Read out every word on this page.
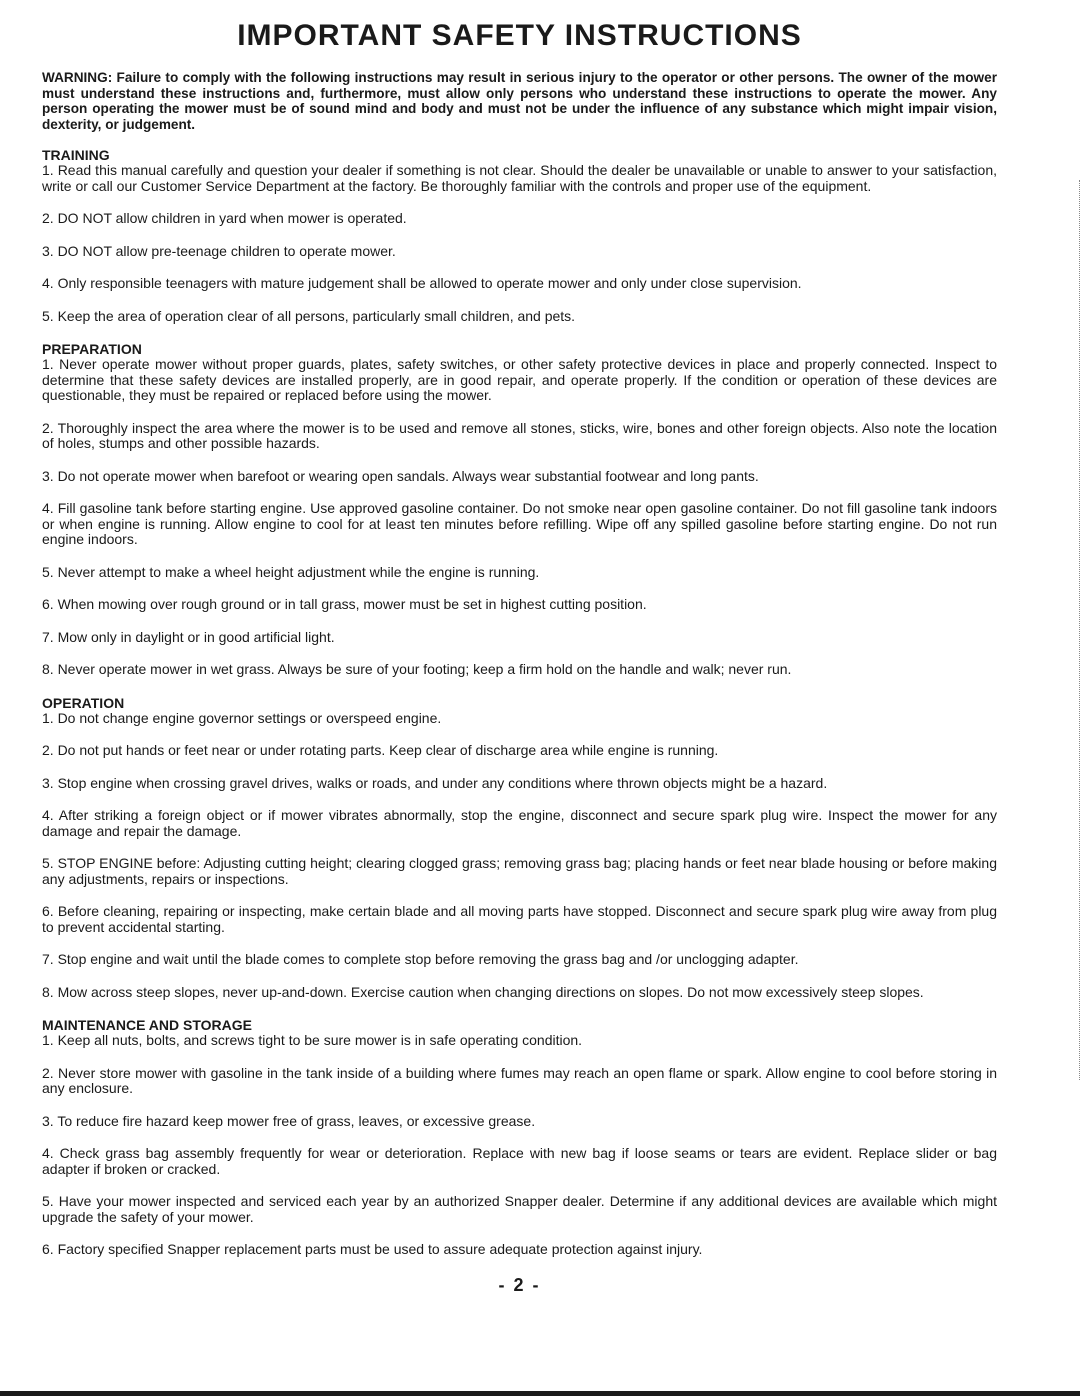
IMPORTANT SAFETY INSTRUCTIONS

WARNING: Failure to comply with the following instructions may result in serious injury to the operator or other persons. The owner of the mower must understand these instructions and, furthermore, must allow only persons who understand these instructions to operate the mower. Any person operating the mower must be of sound mind and body and must not be under the influence of any substance which might impair vision, dexterity, or judgement.

TRAINING

1. Read this manual carefully and question your dealer if something is not clear. Should the dealer be unavailable or unable to answer to your satisfaction, write or call our Customer Service Department at the factory. Be thoroughly familiar with the controls and proper use of the equipment.

2. DO NOT allow children in yard when mower is operated.

3. DO NOT allow pre-teenage children to operate mower.

4. Only responsible teenagers with mature judgement shall be allowed to operate mower and only under close supervision.

5. Keep the area of operation clear of all persons, particularly small children, and pets.

PREPARATION

1. Never operate mower without proper guards, plates, safety switches, or other safety protective devices in place and properly connected. Inspect to determine that these safety devices are installed properly, are in good repair, and operate properly. If the condition or operation of these devices are questionable, they must be repaired or replaced before using the mower.

2. Thoroughly inspect the area where the mower is to be used and remove all stones, sticks, wire, bones and other foreign objects. Also note the location of holes, stumps and other possible hazards.

3. Do not operate mower when barefoot or wearing open sandals. Always wear substantial footwear and long pants.

4. Fill gasoline tank before starting engine. Use approved gasoline container. Do not smoke near open gasoline container. Do not fill gasoline tank indoors or when engine is running. Allow engine to cool for at least ten minutes before refilling. Wipe off any spilled gasoline before starting engine. Do not run engine indoors.

5. Never attempt to make a wheel height adjustment while the engine is running.

6. When mowing over rough ground or in tall grass, mower must be set in highest cutting position.

7. Mow only in daylight or in good artificial light.

8. Never operate mower in wet grass. Always be sure of your footing; keep a firm hold on the handle and walk; never run.

OPERATION

1. Do not change engine governor settings or overspeed engine.

2. Do not put hands or feet near or under rotating parts. Keep clear of discharge area while engine is running.

3. Stop engine when crossing gravel drives, walks or roads, and under any conditions where thrown objects might be a hazard.

4. After striking a foreign object or if mower vibrates abnormally, stop the engine, disconnect and secure spark plug wire. Inspect the mower for any damage and repair the damage.

5. STOP ENGINE before: Adjusting cutting height; clearing clogged grass; removing grass bag; placing hands or feet near blade housing or before making any adjustments, repairs or inspections.

6. Before cleaning, repairing or inspecting, make certain blade and all moving parts have stopped. Disconnect and secure spark plug wire away from plug to prevent accidental starting.

7. Stop engine and wait until the blade comes to complete stop before removing the grass bag and /or unclogging adapter.

8. Mow across steep slopes, never up-and-down. Exercise caution when changing directions on slopes. Do not mow excessively steep slopes.

MAINTENANCE AND STORAGE

1. Keep all nuts, bolts, and screws tight to be sure mower is in safe operating condition.

2. Never store mower with gasoline in the tank inside of a building where fumes may reach an open flame or spark. Allow engine to cool before storing in any enclosure.

3. To reduce fire hazard keep mower free of grass, leaves, or excessive grease.

4. Check grass bag assembly frequently for wear or deterioration. Replace with new bag if loose seams or tears are evident. Replace slider or bag adapter if broken or cracked.

5. Have your mower inspected and serviced each year by an authorized Snapper dealer. Determine if any additional devices are available which might upgrade the safety of your mower.

6. Factory specified Snapper replacement parts must be used to assure adequate protection against injury.

- 2 -
